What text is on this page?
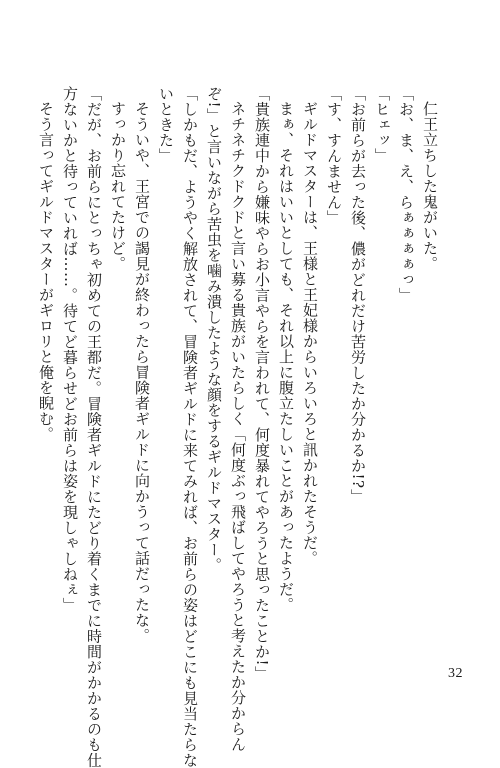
仁王立ちした鬼がいた。
「お、ま、え、らぁぁぁぁっ」
「ヒェッ」
「お前らが去った後、儂がどれだけ苦労したか分かるか!?」
「す、すんません」
ギルドマスターは、王様と王妃様からいろいろと訊かれたそうだ。
まぁ、それはいいとしても、それ以上に腹立たしいことがあったようだ。
「貴族連中から嫌味やらお小言やらを言われて、何度暴れてやろうと思ったことか!」
ネチネチクドクドと言い募る貴族がいたらしく「何度ぶっ飛ばしてやろうと考えたか分からん
ぞ!」と言いながら苦虫を噛み潰したような顔をするギルドマスター。
「しかもだ、ようやく解放されて、冒険者ギルドに来てみれば、お前らの姿はどこにも見当たらな
いときた」
そういや、王宮での謁見が終わったら冒険者ギルドに向かうって話だったな。
すっかり忘れてたけど。
「だが、お前らにとっちゃ初めての王都だ。冒険者ギルドにたどり着くまでに時間がかかるのも仕
方ないかと待っていれば……。待てど暮らせどお前らは姿を現しゃしねぇ」
そう言ってギルドマスターがギロリと俺を睨む。
32
